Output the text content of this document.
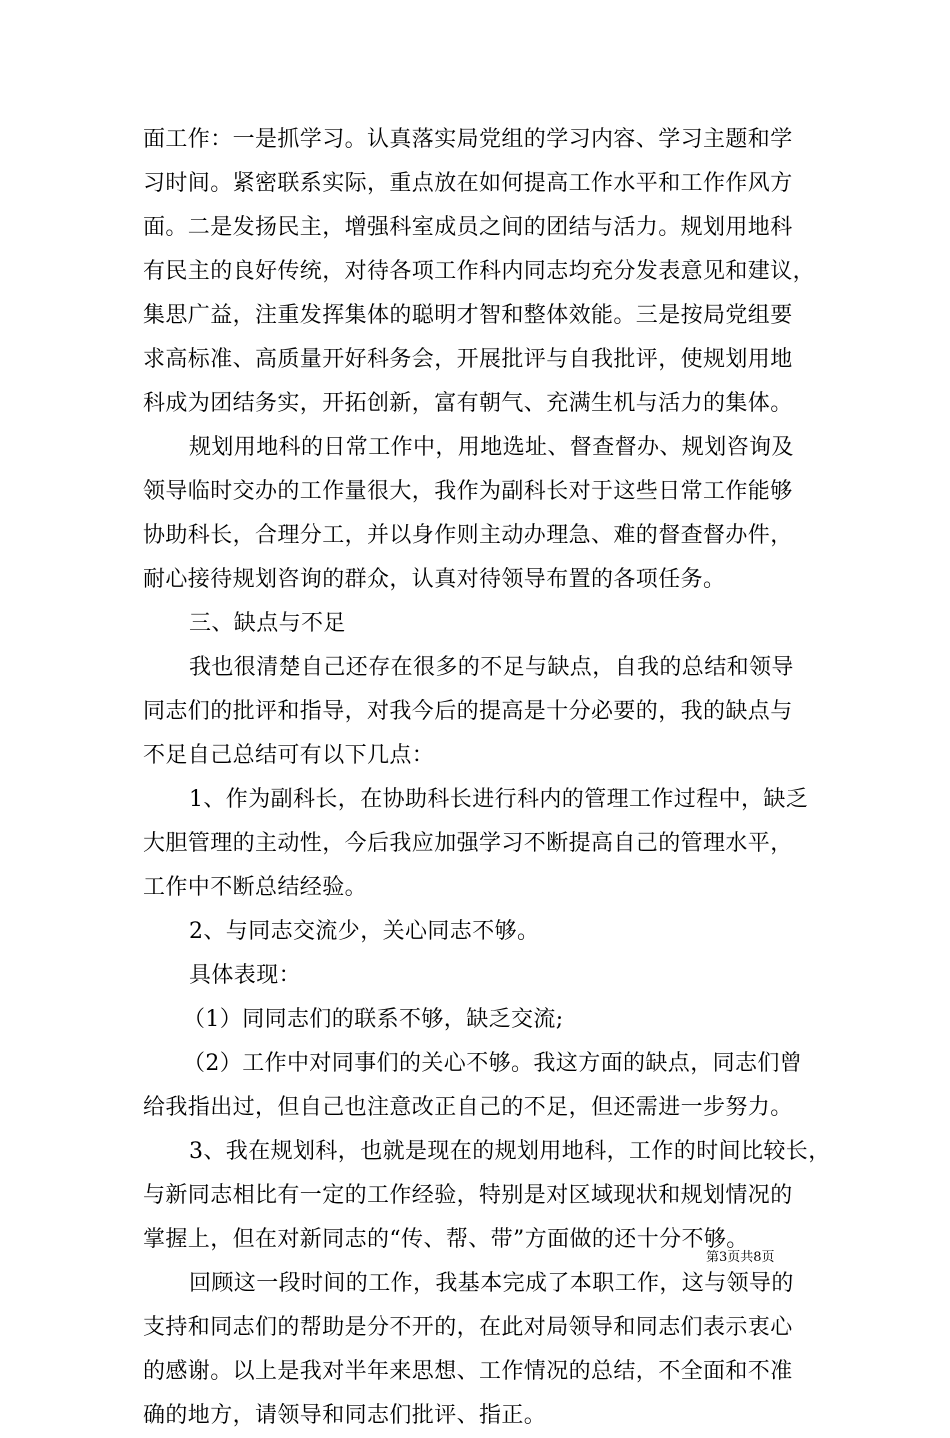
面工作：一是抓学习。认真落实局党组的学习内容、学习主题和学
习时间。紧密联系实际，重点放在如何提高工作水平和工作作风方
面。二是发扬民主，增强科室成员之间的团结与活力。规划用地科
有民主的良好传统，对待各项工作科内同志均充分发表意见和建议，
集思广益，注重发挥集体的聪明才智和整体效能。三是按局党组要
求高标准、高质量开好科务会，开展批评与自我批评，使规划用地
科成为团结务实，开拓创新，富有朝气、充满生机与活力的集体。
规划用地科的日常工作中，用地选址、督查督办、规划咨询及
领导临时交办的工作量很大，我作为副科长对于这些日常工作能够
协助科长，合理分工，并以身作则主动办理急、难的督查督办件，
耐心接待规划咨询的群众，认真对待领导布置的各项任务。
三、缺点与不足
我也很清楚自己还存在很多的不足与缺点，自我的总结和领导
同志们的批评和指导，对我今后的提高是十分必要的，我的缺点与
不足自己总结可有以下几点：
1、作为副科长，在协助科长进行科内的管理工作过程中，缺乏
大胆管理的主动性，今后我应加强学习不断提高自己的管理水平，
工作中不断总结经验。
2、与同志交流少，关心同志不够。
具体表现：
（1）同同志们的联系不够，缺乏交流;
（2）工作中对同事们的关心不够。我这方面的缺点，同志们曾
给我指出过，但自己也注意改正自己的不足，但还需进一步努力。
3、我在规划科，也就是现在的规划用地科，工作的时间比较长，
与新同志相比有一定的工作经验，特别是对区域现状和规划情况的
掌握上，但在对新同志的“传、帮、带”方面做的还十分不够。
回顾这一段时间的工作，我基本完成了本职工作，这与领导的
支持和同志们的帮助是分不开的，在此对局领导和同志们表示衷心
的感谢。以上是我对半年来思想、工作情况的总结，不全面和不准
确的地方，请领导和同志们批评、指正。
第3页共8页
